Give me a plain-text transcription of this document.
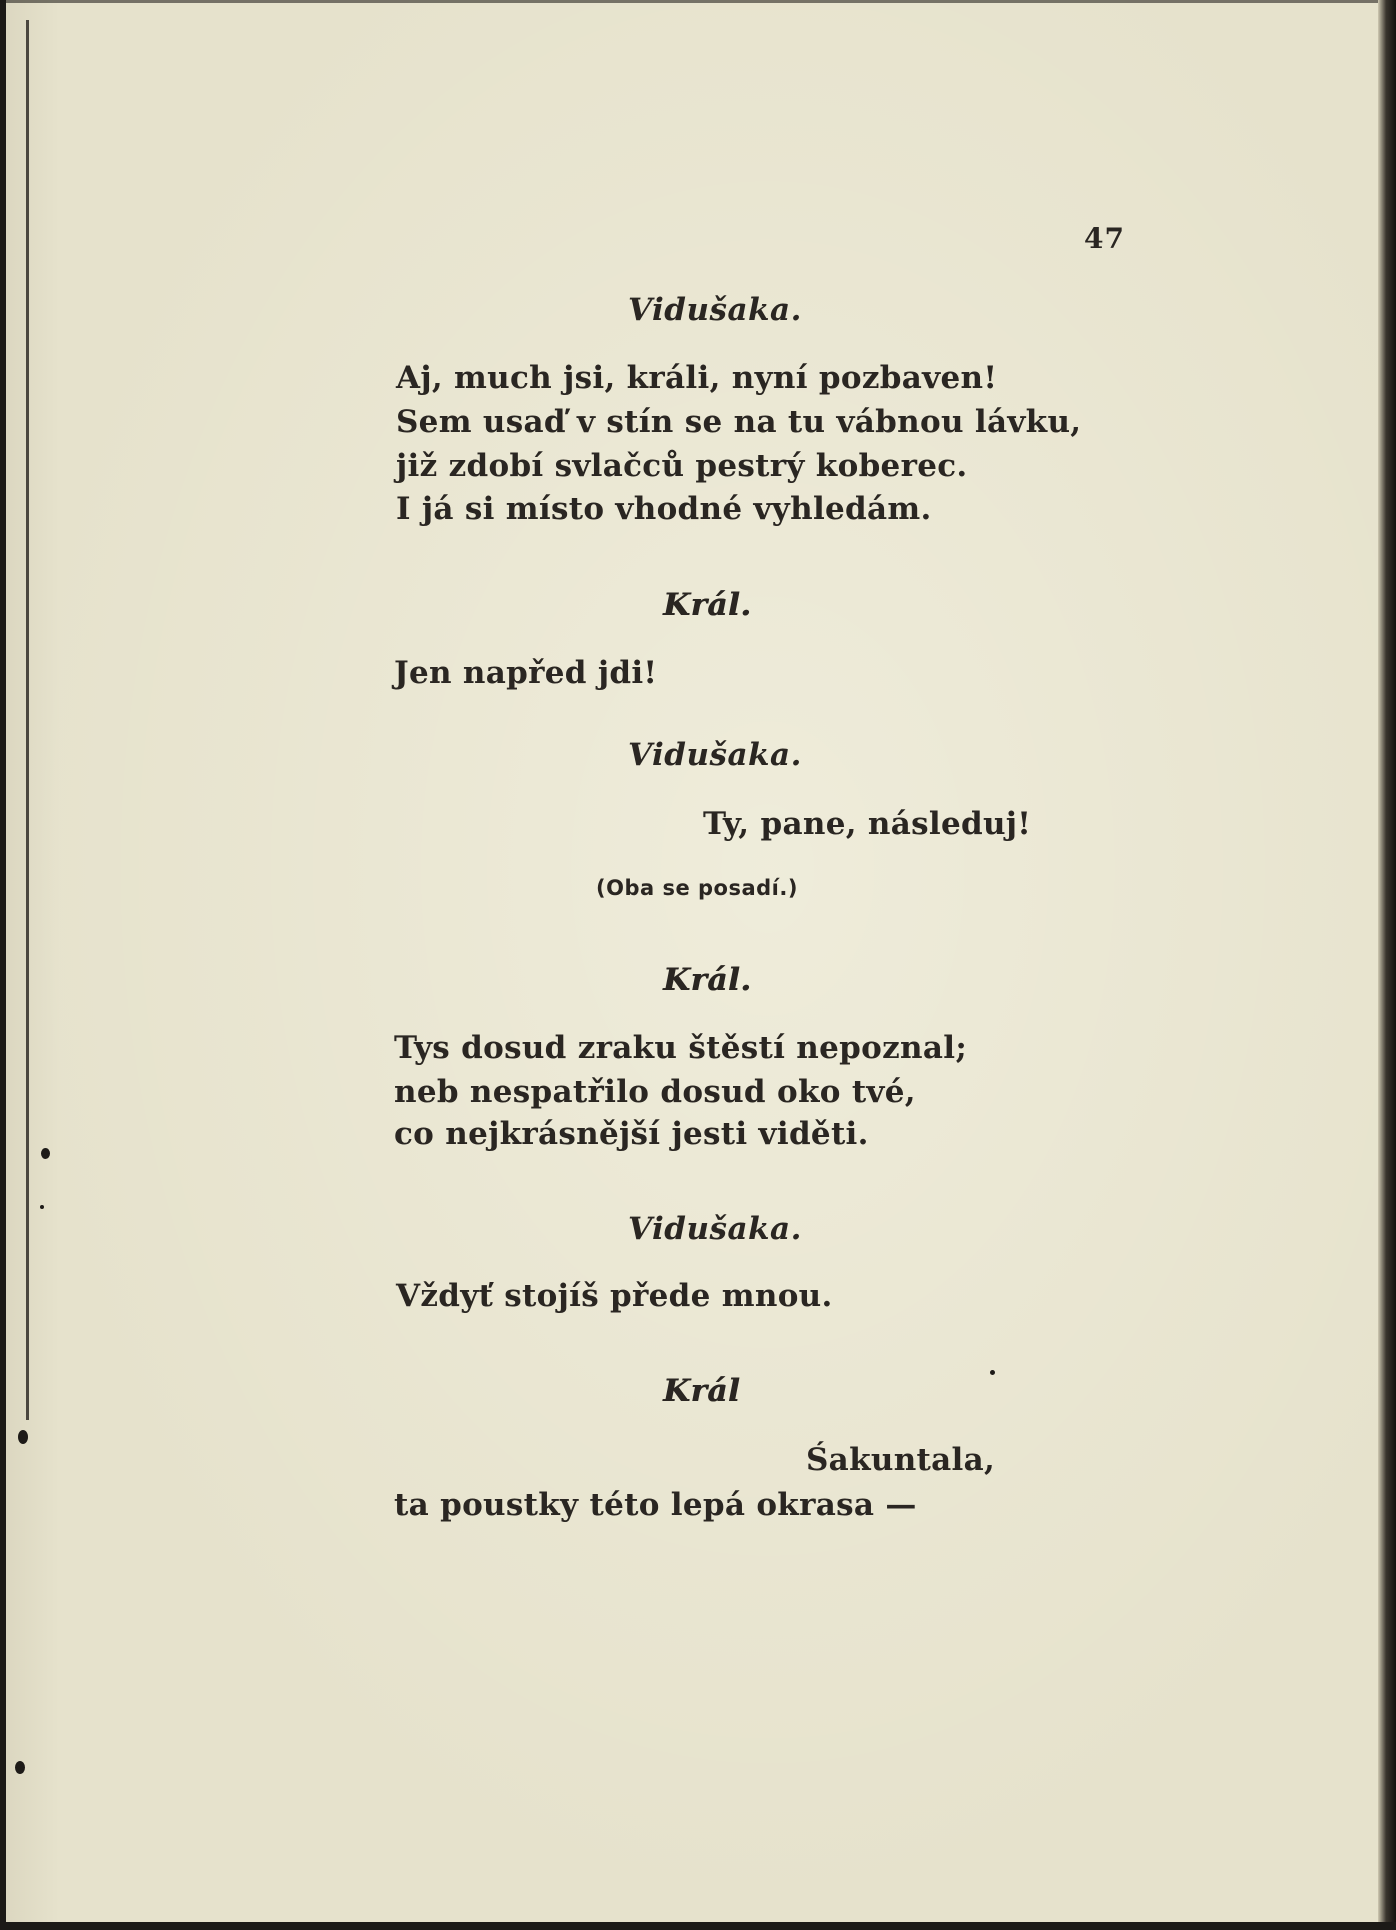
47
Vidušaka.
Aj, much jsi, králi, nyní pozbaven!
Sem usaď v stín se na tu vábnou lávku,
již zdobí svlačců pestrý koberec.
I já si místo vhodné vyhledám.
Král.
Jen napřed jdi!
Vidušaka.
Ty, pane, následuj!
(Oba se posadí.)
Král.
Tys dosud zraku štěstí nepoznal;
neb nespatřilo dosud oko tvé,
co nejkrásnější jesti viděti.
Vidušaka.
Vždyť stojíš přede mnou.
Král
Śakuntala,
ta poustky této lepá okrasa —
